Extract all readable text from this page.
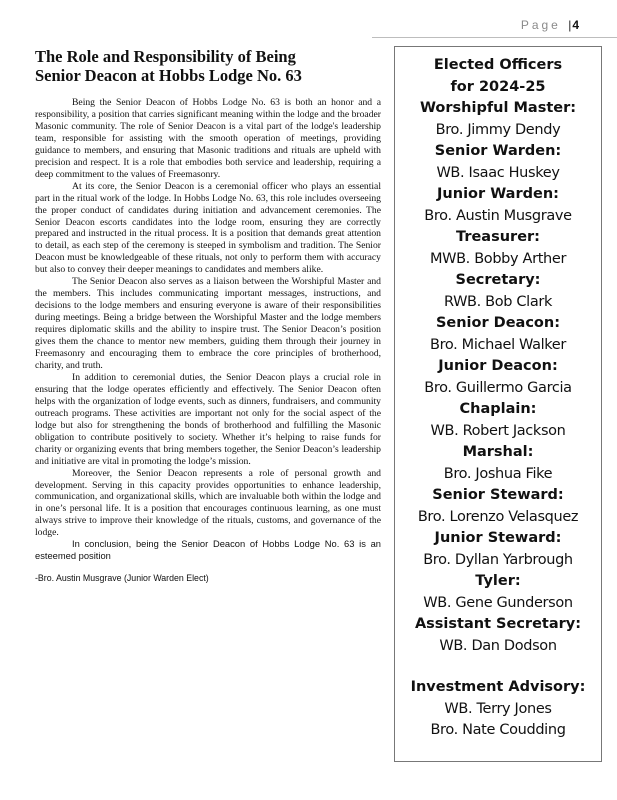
Page |4
The Role and Responsibility of Being
Senior Deacon at Hobbs Lodge No. 63

Being the Senior Deacon of Hobbs Lodge No. 63 is both an honor and a responsibility, a position that carries significant meaning within the lodge and the broader Masonic community. The role of Senior Deacon is a vital part of the lodge's leadership team, responsible for assisting with the smooth operation of meetings, providing guidance to members, and ensuring that Masonic traditions and rituals are upheld with precision and respect. It is a role that embodies both service and leadership, requiring a deep commitment to the values of Freemasonry.

At its core, the Senior Deacon is a ceremonial officer who plays an essential part in the ritual work of the lodge. In Hobbs Lodge No. 63, this role includes overseeing the proper conduct of candidates during initiation and advancement ceremonies. The Senior Deacon escorts candidates into the lodge room, ensuring they are correctly prepared and instructed in the ritual process. It is a position that demands great attention to detail, as each step of the ceremony is steeped in symbolism and tradition. The Senior Deacon must be knowledgeable of these rituals, not only to perform them with accuracy but also to convey their deeper meanings to candidates and members alike.

The Senior Deacon also serves as a liaison between the Worshipful Master and the members. This includes communicating important messages, instructions, and decisions to the lodge members and ensuring everyone is aware of their responsibilities during meetings. Being a bridge between the Worshipful Master and the lodge members requires diplomatic skills and the ability to inspire trust. The Senior Deacon’s position gives them the chance to mentor new members, guiding them through their journey in Freemasonry and encouraging them to embrace the core principles of brotherhood, charity, and truth.

In addition to ceremonial duties, the Senior Deacon plays a crucial role in ensuring that the lodge operates efficiently and effectively. The Senior Deacon often helps with the organization of lodge events, such as dinners, fundraisers, and community outreach programs. These activities are important not only for the social aspect of the lodge but also for strengthening the bonds of brotherhood and fulfilling the Masonic obligation to contribute positively to society. Whether it’s helping to raise funds for charity or organizing events that bring members together, the Senior Deacon’s leadership and initiative are vital in promoting the lodge’s mission.

Moreover, the Senior Deacon represents a role of personal growth and development. Serving in this capacity provides opportunities to enhance leadership, communication, and organizational skills, which are invaluable both within the lodge and in one’s personal life. It is a position that encourages continuous learning, as one must always strive to improve their knowledge of the rituals, customs, and governance of the lodge.

In conclusion, being the Senior Deacon of Hobbs Lodge No. 63 is an esteemed position

-Bro. Austin Musgrave (Junior Warden Elect)
Elected Officers
for 2024-25
Worshipful Master:
Bro. Jimmy Dendy
Senior Warden:
WB. Isaac Huskey
Junior Warden:
Bro. Austin Musgrave
Treasurer:
MWB. Bobby Arther
Secretary:
RWB. Bob Clark
Senior Deacon:
Bro. Michael Walker
Junior Deacon:
Bro. Guillermo Garcia
Chaplain:
WB. Robert Jackson
Marshal:
Bro. Joshua Fike
Senior Steward:
Bro. Lorenzo Velasquez
Junior Steward:
Bro. Dyllan Yarbrough
Tyler:
WB. Gene Gunderson
Assistant Secretary:
WB. Dan Dodson
Investment Advisory:
WB. Terry Jones
Bro. Nate Coudding
